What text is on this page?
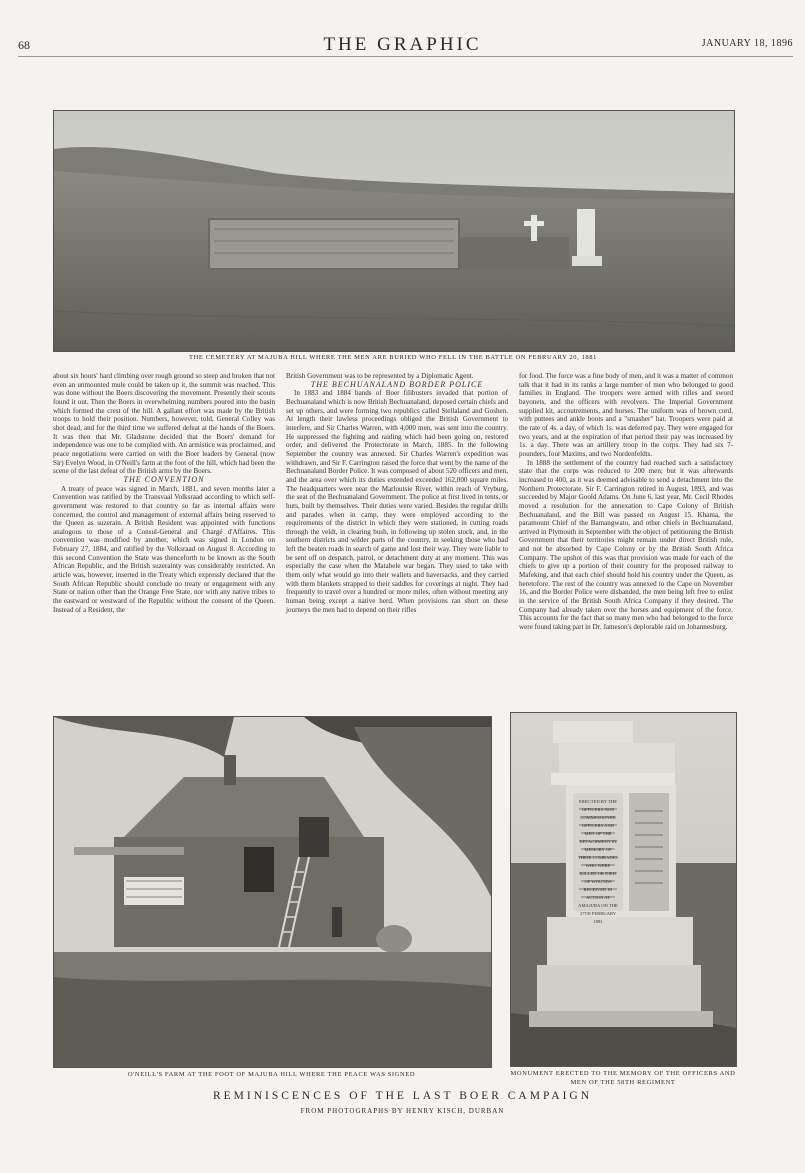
68	THE GRAPHIC	JANUARY 18, 1896
THE CEMETERY AT MAJUBA HILL WHERE THE MEN ARE BURIED WHO FELL IN THE BATTLE ON FEBRUARY 20, 1881

about six hours' hard climbing over rough ground so steep and broken that not even an unmounted mule could be taken up it, the summit was reached. This was done without the Boers discovering the movement. Presently their scouts found it out. Then the Boers in overwhelming numbers poured into the basin which formed the crest of the hill. A gallant effort was made by the British troops to hold their position. Numbers, however, told, General Colley was shot dead, and for the third time we suffered defeat at the hands of the Boers. It was then that Mr. Gladstone decided that the Boers' demand for independence was one to be complied with. An armistice was proclaimed, and peace negotiations were carried on with the Boer leaders by General (now Sir) Evelyn Wood, in O'Neill's farm at the foot of the hill, which had been the scene of the last defeat of the British arms by the Boers.

THE CONVENTION

A treaty of peace was signed in March, 1881, and seven months later a Convention was ratified by the Transvaal Volksraad according to which self-government was restored to that country so far as internal affairs were concerned, the control and management of external affairs being reserved to the Queen as suzerain. A British Resident was appointed with functions analogous to those of a Consul-General and Chargé d'Affaires. This convention was modified by another, which was signed in London on February 27, 1884, and ratified by the Volksraad on August 8. According to this second Convention the State was thenceforth to be known as the South African Republic, and the British suzerainty was considerably restricted. An article was, however, inserted in the Treaty which expressly declared that the South African Republic should conclude no treaty or engagement with any State or nation other than the Orange Free State, nor with any native tribes to the eastward or westward of the Republic without the consent of the Queen. Instead of a Resident, the

British Government was to be represented by a Diplomatic Agent.

THE BECHUANALAND BORDER POLICE

In 1883 and 1884 bands of Boer filibusters invaded that portion of Bechuanaland which is now British Bechuanaland, deposed certain chiefs and set up others, and were forming two republics called Stellaland and Goshen. At length their lawless proceedings obliged the British Government to interfere, and Sir Charles Warren, with 4,000 men, was sent into the country. He suppressed the fighting and raiding which had been going on, restored order, and delivered the Protectorate in March, 1885. In the following September the country was annexed. Sir Charles Warren's expedition was withdrawn, and Sir F. Carrington raised the force that went by the name of the Bechuanaland Border Police. It was composed of about 520 officers and men, and the area over which its duties extended exceeded 162,000 square miles. The headquarters were near the Marloutsie River, within reach of Vryburg, the seat of the Bechuanaland Government. The police at first lived in tents, or huts, built by themselves. Their duties were varied. Besides the regular drills and parades when in camp, they were employed according to the requirements of the district in which they were stationed, in cutting roads through the veldt, in clearing bush, in following up stolen stock, and, in the southern districts and wilder parts of the country, in seeking those who had left the beaten roads in search of game and lost their way. They were liable to be sent off on despatch, patrol, or detachment duty at any moment. This was especially the case when the Matabele war began. They used to take with them only what would go into their wallets and haversacks, and they carried with them blankets strapped to their saddles for coverings at night. They had frequently to travel over a hundred or more miles, often without meeting any human being except a native herd. When provisions ran short on these journeys the men had to depend on their rifles

for food. The force was a fine body of men, and it was a matter of common talk that it had in its ranks a large number of men who belonged to good families in England. The troopers were armed with rifles and sword bayonets, and the officers with revolvers. The Imperial Government supplied kit, accoutrements, and horses. The uniform was of brown cord, with puttees and ankle boots and a "smasher" hat. Troopers were paid at the rate of 4s. a day, of which 1s. was deferred pay. They were engaged for two years, and at the expiration of that period their pay was increased by 1s. a day. There was an artillery troop in the corps. They had six 7-pounders, four Maxims, and two Nordenfeldts.

In 1888 the settlement of the country had reached such a satisfactory state that the corps was reduced to 200 men; but it was afterwards increased to 400, as it was deemed advisable to send a detachment into the Northern Protectorate. Sir F. Carrington retired in August, 1893, and was succeeded by Major Goold Adams. On June 6, last year, Mr. Cecil Rhodes moved a resolution for the annexation to Cape Colony of British Bechuanaland, and the Bill was passed on August 15. Khama, the paramount Chief of the Bamangwato, and other chiefs in Bechuanaland, arrived in Plymouth in September with the object of petitioning the British Government that their territories might remain under direct British rule, and not be absorbed by Cape Colony or by the British South Africa Company. The upshot of this was that provision was made for each of the chiefs to give up a portion of their country for the proposed railway to Mafeking, and that each chief should hold his country under the Queen, as heretofore. The rest of the country was annexed to the Cape on November 16, and the Border Police were disbanded, the men being left free to enlist in the service of the British South Africa Company if they desired. The Company had already taken over the horses and equipment of the force. This accounts for the fact that so many men who had belonged to the force were found taking part in Dr. Jameson's deplorable raid on Johannesburg.

O'NEILL'S FARM AT THE FOOT OF MAJUBA HILL WHERE THE PEACE WAS SIGNED
ERECTED BY THE
OFFICERS NON
COMMISSIONED
OFFICERS AND
MEN OF THE
DETACHMENT IN
MEMORY OF
THEIR COMRADES
WHO WERE
KILLED OR DIED
OF WOUNDS
RECEIVED IN
ACTION AT
AMAJUBA ON THE
27TH FEBRUARY
1881
MONUMENT ERECTED TO THE MEMORY OF THE OFFICERS AND MEN OF THE 58TH REGIMENT
REMINISCENCES OF THE LAST BOER CAMPAIGN
FROM PHOTOGRAPHS BY HENRY KISCH, DURBAN
